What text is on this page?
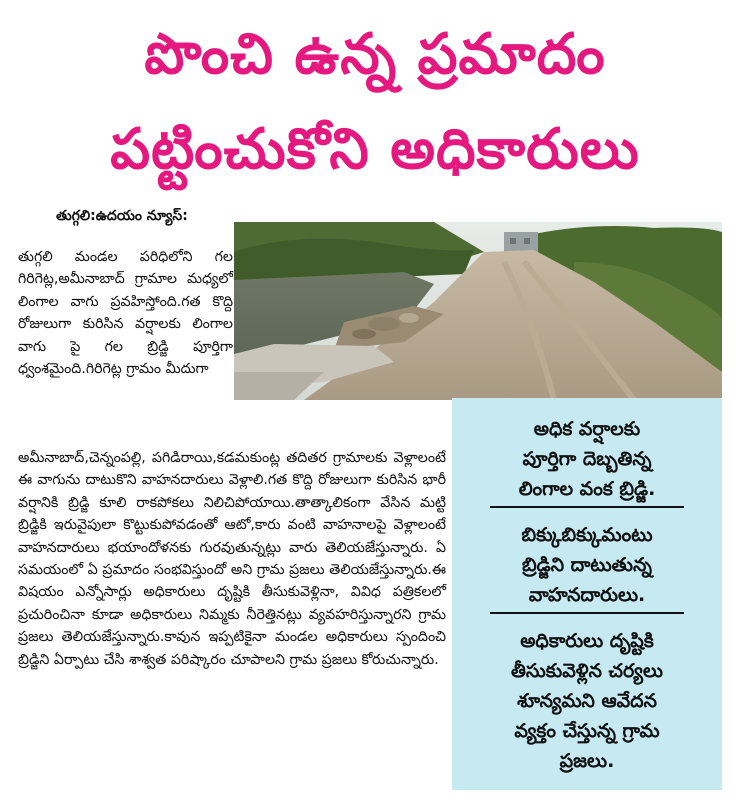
పొంచి ఉన్న ప్రమాదం
పట్టించుకోని అధికారులు
తుగ్గలి:ఉదయం న్యూస్:
తుగ్గలి మండల పరిధిలోని గల గిరిగెట్ల,అమీనాబాద్ గ్రామాల మధ్యలో లింగాల వాగు ప్రవహిస్తోంది.గత కొద్ది రోజులుగా కురిసిన వర్షాలకు లింగాల వాగు పై గల బ్రిడ్జి పూర్తిగా ధ్వంశమైంది.గిరిగెట్ల గ్రామం మీదుగా
అమీనాబాద్,చెన్నంపల్లి, పగిడిరాయి,కడమకుంట్ల తదితర గ్రామాలకు వెళ్లాలంటే ఈ వాగును దాటుకొని వాహనదారులు వెళ్లాలి.గత కొద్ది రోజులుగా కురిసిన భారీ వర్షానికి బ్రిడ్జి కూలి రాకపోకలు నిలిచిపోయాయి.తాత్కాలికంగా వేసిన మట్టి బ్రిడ్జికి ఇరువైపులా కొట్టుకుపోవడంతో ఆటో,కారు వంటి వాహనాలపై వెళ్లాలంటే వాహనదారులు భయాందోళనకు గురవుతున్నట్లు వారు తెలియజేస్తున్నారు. ఏ సమయంలో ఏ ప్రమాదం సంభవిస్తుందో అని గ్రామ ప్రజలు తెలియజేస్తున్నారు.ఈ విషయం ఎన్నోసార్లు అధికారులు దృష్టికి తీసుకువెళ్లినా, వివిధ పత్రికలలో ప్రచురించినా కూడా అధికారులు నిమ్మకు నీరెత్తినట్లు వ్యవహరిస్తున్నారని గ్రామ ప్రజలు తెలియజేస్తున్నారు.కావున ఇప్పటికైనా మండల అధికారులు స్పందించి బ్రిడ్జిని ఏర్పాటు చేసి శాశ్వత పరిష్కారం చూపాలని గ్రామ ప్రజలు కోరుచున్నారు.
అధిక వర్షాలకు
పూర్తిగా దెబ్బతిన్న
లింగాల వంక బ్రిడ్జి.
బిక్కుబిక్కుమంటు
బ్రిడ్జిని దాటుతున్న
వాహనదారులు.
అధికారులు దృష్టికి
తీసుకువెళ్లిన చర్యలు
శూన్యమని ఆవేదన
వ్యక్తం చేస్తున్న గ్రామ
ప్రజలు.
